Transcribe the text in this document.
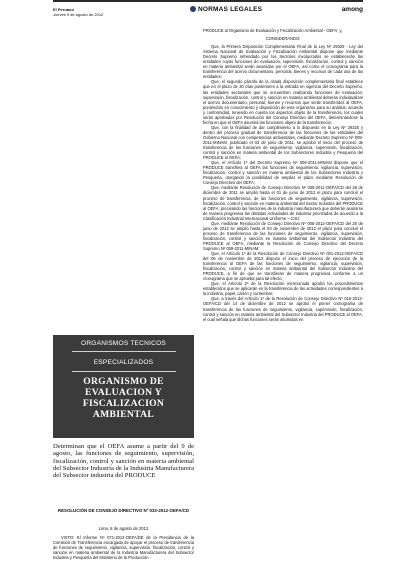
El Peruano
Jueves 9 de agosto de 2012
NORMAS LEGALES	among
ORGANISMOS TECNICOS
ESPECIALIZADOS
ORGANISMO DE EVALUACION Y FISCALIZACION AMBIENTAL
Determinan que el OEFA asume a partir del 9 de agosto, las funciones de seguimiento, supervisión, fiscalización, control y sanción en materia ambiental del Subsector Industria de la Industria Manufacturera del Subsector industria del PRODUCE
RESOLUCIÓN DE CONSEJO DIRECTIVO Nº 033-2012-OEFA/CD
Lima, 8 de agosto de 2012

VISTO: El Informe Nº 071-2012-OEFA/DE de la Presidencia de la Comisión de Transferencia encargada de apoyar el proceso de transferencia de funciones de seguimiento, vigilancia, supervisión, fiscalización, control y sanción en materia ambiental de la Industria Manufacturera del Subsector Industria y Pesquería del Ministerio de la Producción -

PRODUCE al Organismo de Evaluación y Fiscalización Ambiental - OEFA; y,

CONSIDERANDO:

Que, la Primera Disposición Complementaria Final de la Ley Nº 29325 - Ley del Sistema Nacional de Evaluación y Fiscalización Ambiental dispone que mediante Decreto Supremo refrendado por los Sectores involucrados se establecerán las entidades cuyas funciones de evaluación, supervisión, fiscalización, control y sanción en materia ambiental serán asumidas por el OEFA, así como el cronograma para la transferencia del acervo documentario, personal, bienes y recursos de cada una de las entidades;

Que, el segundo párrafo de la citada disposición complementaria final establece que en el plazo de 30 días posteriores a la entrada en vigencia del Decreto Supremo, las entidades sectoriales que se encuentren realizando funciones de evaluación, supervisión, fiscalización, control y sanción en materia ambiental deberán individualizar el acervo documentario, personal, bienes y recursos que serán transferidos al OEFA, poniéndolo en conocimiento y disposición de este organismo para su análisis, acuerdo y conformidad, teniendo en cuenta los aspectos objeto de la transferencia, los cuales serán aprobados por Resolución del Consejo Directivo del OEFA, determinándose la fecha en que el OEFA asumirá las funciones objeto de la transferencia;

Que, con la finalidad de dar cumplimiento a lo dispuesto en la Ley Nº 29325 y dentro del proceso gradual de transferencia de las funciones de las entidades del Gobierno Nacional con competencias ambientales, mediante Decreto Supremo Nº 009-2011-MINAM, publicado el 03 de junio de 2011, se aprobó el inicio del proceso de transferencia de las funciones de seguimiento, vigilancia, supervisión, fiscalización, control y sanción en materia ambiental de los Subsectores Industria y Pesquería del PRODUCE al OEFA;

Que, el Artículo 1º del Decreto Supremo Nº 009-2011-MINAM dispone que el PRODUCE transfiera al OEFA las funciones de seguimiento, vigilancia, supervisión, fiscalización, control y sanción en materia ambiental de los Subsectores Industria y Pesquería, otorgando la posibilidad de ampliar el plazo mediante Resolución de Consejo Directivo del OEFA;

Que, mediante Resolución de Consejo Directivo Nº 008-2011-OEFA/CD del 28 de diciembre de 2011 se amplió hasta el 01 de junio de 2012 el plazo para concluir el proceso de transferencia, de las funciones de seguimiento, vigilancia, supervisión, fiscalización, control y sanción en materia ambiental del Sector Industria del PRODUCE al OEFA, precisando las funciones de la industria manufacturera que deberán asumirse de manera progresiva las distintas Actividades de industria priorizadas de acuerdo a la Clasificación Industrial Internacional Uniforme – CIIU;

Que, mediante Resolución de Consejo Directivo Nº 005-2012-OEFA/CD del 25 de junio de 2012 se amplió hasta el 03 de noviembre de 2012 el plazo para concluir el proceso de transferencia de las funciones de seguimiento, vigilancia, supervisión, fiscalización, control y sanción en materia ambiental del Subsector Industria del PRODUCE al OEFA, mediante la Resolución de Consejo Directivo del Decreto Supremo Nº 009-2011-MINAM;

Que, el Artículo 1º de la Resolución de Consejo Directivo Nº 001-2012-OEFA/CD del 06 de noviembre de 2012 dispuso el inicio del proceso de ejecución de la transferencia al OEFA de las funciones de seguimiento, vigilancia, supervisión, fiscalización, control y sanción en materia ambiental del Subsector Industria del PRODUCE, a fin de que se transfieran de manera progresiva conforme a un cronograma que se aprueba para tal efecto;

Que, el Artículo 2º de la Resolución mencionada aprobó los procedimientos establecidos que se aplicarán en la transferencia de las actividades correspondientes a la industria, papel, cartón y curtiembre;

Que, a través del Artículo 1º de la Resolución de Consejo Directivo Nº 015-2012-OEFA/CD del 14 de diciembre de 2012 se aprobó el primer cronograma de transferencia de las funciones de seguimiento, vigilancia, supervisión, fiscalización, control y sanción en materia ambiental del Subsector Industria del PRODUCE al OEFA, el cual señala que dichas funciones serán asumidas en
